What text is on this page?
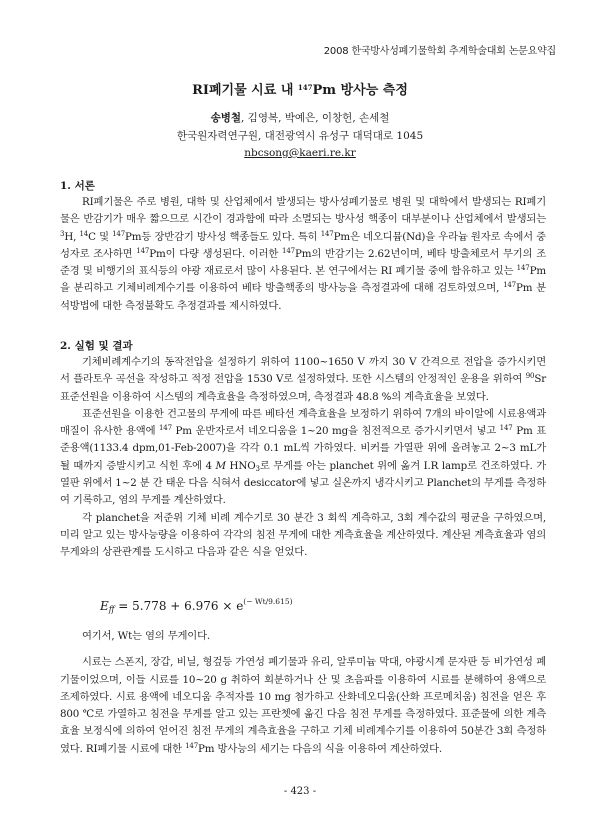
2008 한국방사성폐기물학회 추계학술대회 논문요약집
RI폐기물 시료 내 $^{147}$Pm 방사능 측정
송병철, 김영복, 박예은, 이창헌, 손세철
한국원자력연구원, 대전광역시 유성구 대덕대로 1045
nbcsong@kaeri.re.kr
1. 서론

RI폐기물은 주로 병원, 대학 및 산업체에서 발생되는 방사성폐기물로 병원 및 대학에서 발생되는 RI폐기물은 반감기가 매우 짧으므로 시간이 경과함에 따라 소멸되는 방사성 핵종이 대부분이나 산업체에서 발생되는 $^3$H, $^{14}$C 및 $^{147}$Pm등 장반감기 방사성 핵종들도 있다. 특히 $^{147}$Pm은 네오디뮴(Nd)을 우라늄 원자로 속에서 중성자로 조사하면 $^{147}$Pm이 다량 생성된다. 이러한 $^{147}$Pm의 반감기는 2.62년이며, 베타 방출체로서 무기의 조준경 및 비행기의 표식등의 야광 재료로서 많이 사용된다. 본 연구에서는 RI 폐기물 중에 함유하고 있는 $^{147}$Pm을 분리하고 기체비례계수기를 이용하여 베타 방출핵종의 방사능을 측정결과에 대해 검토하였으며, $^{147}$Pm 분석방법에 대한 측정불확도 추정결과를 제시하였다.

2. 실험 및 결과

기체비례계수기의 동작전압을 설정하기 위하여 1100~1650 V 까지 30 V 간격으로 전압을 증가시키면서 플라토우 곡선을 작성하고 적정 전압을 1530 V로 설정하였다. 또한 시스템의 안정적인 운용을 위하여 $^{90}$Sr 표준선원을 이용하여 시스템의 계측효율을 측정하였으며, 측정결과 48.8 %의 계측효율을 보였다.

표준선원을 이용한 건고물의 무게에 따른 베타선 계측효율을 보정하기 위하여 7개의 바이알에 시료용액과 매질이 유사한 용액에 $^{147}$ Pm 운반자로서 네오디움을 1~20 mg을 침전적으로 증가시키면서 넣고 $^{147}$ Pm 표준용액(1133.4 dpm,01-Feb-2007)을 각각 0.1 mL씩 가하였다. 비커를 가열판 위에 올려놓고 2~3 mL가 될 때까지 증발시키고 식힌 후에 4 M $HNO_3$로 무게를 아는 planchet 위에 옮겨 I.R lamp로 건조하였다. 가열판 위에서 1~2 분 간 태운 다음 식혀서 desiccator에 넣고 실온까지 냉각시키고 Planchet의 무게를 측정하여 기록하고, 염의 무게를 계산하였다.

각 planchet을 저준위 기체 비례 계수기로 30 분간 3 회씩 계측하고, 3회 계수값의 평균을 구하였으며, 미리 알고 있는 방사능량을 이용하여 각각의 침전 무게에 대한 계측효율을 계산하였다. 계산된 계측효율과 염의 무게와의 상관관계를 도시하고 다음과 같은 식을 얻었다.

$E_{ff} = 5.778 + 6.976 \times e^{(- Wt/9.615)}$

여기서, Wt는 염의 무게이다.

시료는 스폰지, 장갑, 비닐, 형겊등 가연성 폐기물과 유리, 알루미늄 막대, 야광시계 문자판 등 비가연성 폐기물이었으며, 이들 시료를 10~20 g 취하여 회분하거나 산 및 초음파를 이용하여 시료를 분해하여 용액으로 조제하였다. 시료 용액에 네오디움 추적자를 10 mg 첨가하고 산화네오디움(산화 프로메치움) 침전을 얻은 후 800 ℃로 가열하고 침전을 무게를 알고 있는 프란쳇에 옮긴 다음 침전 무게를 측정하였다. 표준물에 의한 계측효율 보정식에 의하여 얻어진 침전 무게의 계측효율을 구하고 기체 비례계수기를 이용하여 50분간 3회 측정하였다. RI폐기물 시료에 대한 $^{147}$Pm 방사능의 세기는 다음의 식을 이용하여 계산하였다.

- 423 -
